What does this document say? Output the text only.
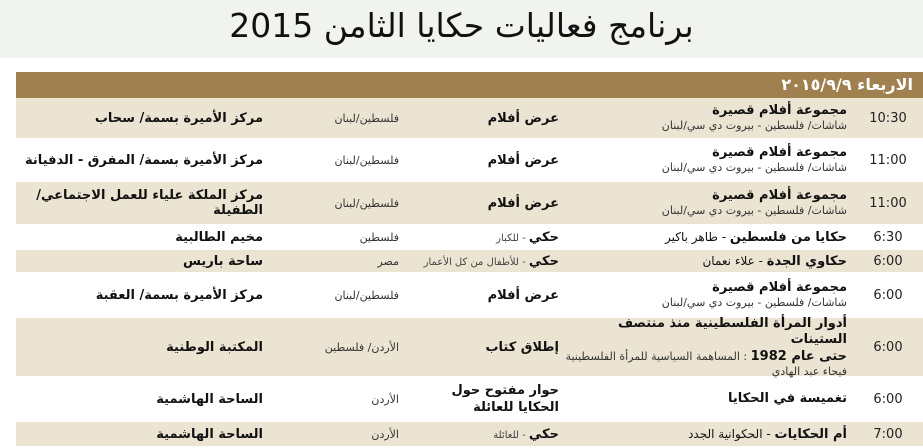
برنامج فعاليات حكايا الثامن 2015
الاربعاء ٢٠١٥/٩/٩
10:30
مجموعة أفلام قصيرة
شاشات/ فلسطين - بيروت دي سي/لبنان
عرض أفلام
فلسطين/لبنان
مركز الأميرة بسمة/ سحاب
11:00
مجموعة أفلام قصيرة
شاشات/ فلسطين - بيروت دي سي/لبنان
عرض أفلام
فلسطين/لبنان
مركز الأميرة بسمة/ المفرق - الدفيانة
11:00
مجموعة أفلام قصيرة
شاشات/ فلسطين - بيروت دي سي/لبنان
عرض أفلام
فلسطين/لبنان
مركز الملكة علياء للعمل الاجتماعي/ الطفيلة
6:30
حكايا من فلسطين - طاهر باكير
حكي - للكبار
فلسطين
مخيم الطالبية
6:00
حكاوي الجدة - علاء نعمان
حكي - للأطفال من كل الأعمار
مصر
ساحة باريس
6:00
مجموعة أفلام قصيرة
شاشات/ فلسطين - بيروت دي سي/لبنان
عرض أفلام
فلسطين/لبنان
مركز الأميرة بسمة/ العقبة
6:00
أدوار المرأة الفلسطينية منذ منتصف الستينات
حتى عام 1982 : المساهمة السياسية للمرأة الفلسطينية
فيحاء عبد الهادي
إطلاق كتاب
الأردن/ فلسطين
المكتبة الوطنية
6:00
تغميسة في الحكايا
حوار مفتوح حول الحكايا للعائلة
الأردن
الساحة الهاشمية
7:00
أم الحكايات - الحكوانية الجدد
حكي - للعائلة
الأردن
الساحة الهاشمية
